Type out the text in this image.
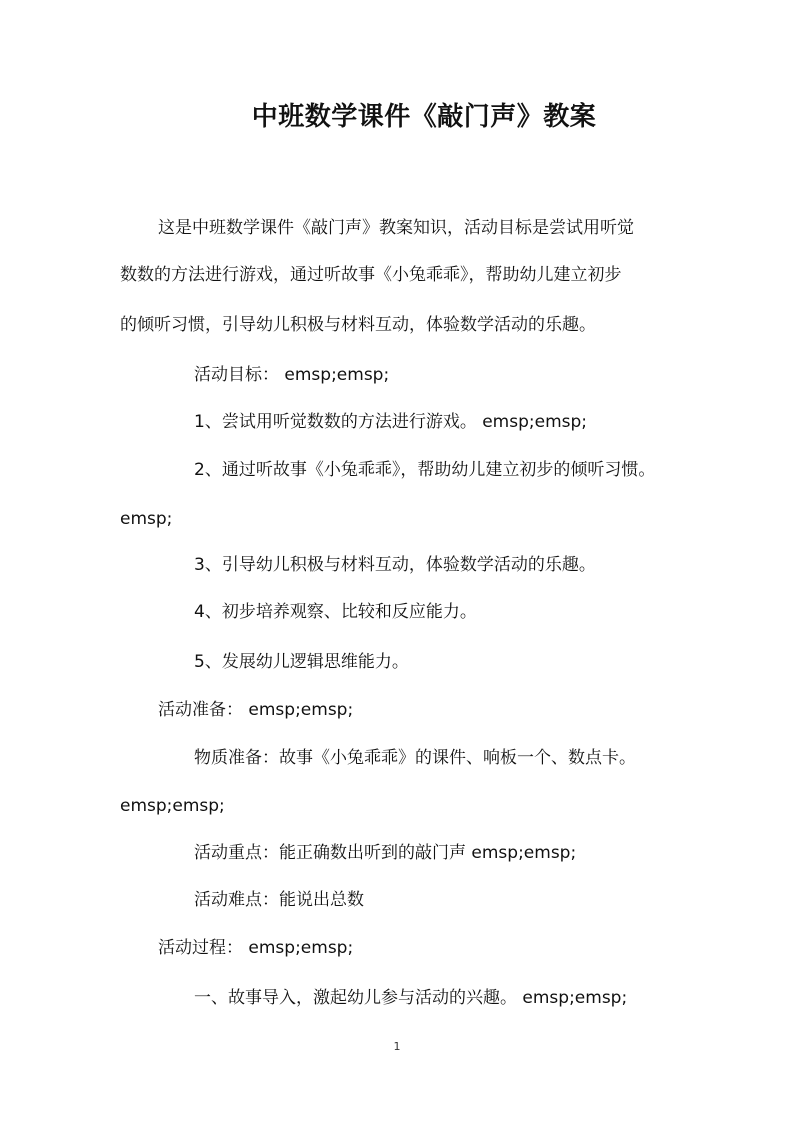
中班数学课件《敲门声》教案
这是中班数学课件《敲门声》教案知识，活动目标是尝试用听觉
数数的方法进行游戏，通过听故事《小兔乖乖》，帮助幼儿建立初步
的倾听习惯，引导幼儿积极与材料互动，体验数学活动的乐趣。
活动目标： emsp;emsp;
1、尝试用听觉数数的方法进行游戏。 emsp;emsp;
2、通过听故事《小兔乖乖》，帮助幼儿建立初步的倾听习惯。
emsp;
3、引导幼儿积极与材料互动，体验数学活动的乐趣。
4、初步培养观察、比较和反应能力。
5、发展幼儿逻辑思维能力。
活动准备： emsp;emsp;
物质准备：故事《小兔乖乖》的课件、响板一个、数点卡。
emsp;emsp;
活动重点：能正确数出听到的敲门声 emsp;emsp;
活动难点：能说出总数
活动过程： emsp;emsp;
一、故事导入，激起幼儿参与活动的兴趣。 emsp;emsp;
1
